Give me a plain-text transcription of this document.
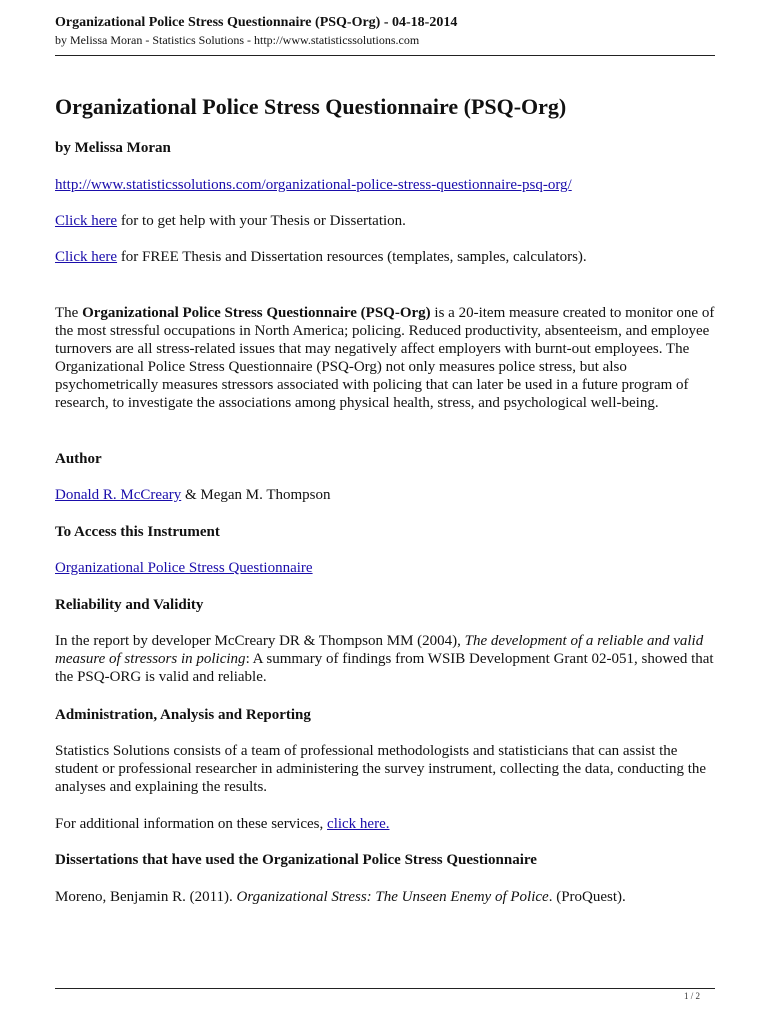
Organizational Police Stress Questionnaire (PSQ-Org) - 04-18-2014
by Melissa Moran - Statistics Solutions - http://www.statisticssolutions.com
Organizational Police Stress Questionnaire (PSQ-Org)

by Melissa Moran

http://www.statisticssolutions.com/organizational-police-stress-questionnaire-psq-org/

Click here for to get help with your Thesis or Dissertation.

Click here for FREE Thesis and Dissertation resources (templates, samples, calculators).

The Organizational Police Stress Questionnaire (PSQ-Org) is a 20-item measure created to monitor one of the most stressful occupations in North America; policing. Reduced productivity, absenteeism, and employee turnovers are all stress-related issues that may negatively affect employers with burnt-out employees. The Organizational Police Stress Questionnaire (PSQ-Org) not only measures police stress, but also psychometrically measures stressors associated with policing that can later be used in a future program of research, to investigate the associations among physical health, stress, and psychological well-being.

Author

Donald R. McCreary & Megan M. Thompson

To Access this Instrument

Organizational Police Stress Questionnaire

Reliability and Validity

In the report by developer McCreary DR & Thompson MM (2004), The development of a reliable and valid measure of stressors in policing: A summary of findings from WSIB Development Grant 02-051, showed that the PSQ-ORG is valid and reliable.

Administration, Analysis and Reporting

Statistics Solutions consists of a team of professional methodologists and statisticians that can assist the student or professional researcher in administering the survey instrument, collecting the data, conducting the analyses and explaining the results.

For additional information on these services, click here.

Dissertations that have used the Organizational Police Stress Questionnaire

Moreno, Benjamin R. (2011). Organizational Stress: The Unseen Enemy of Police. (ProQuest).

1 / 2
